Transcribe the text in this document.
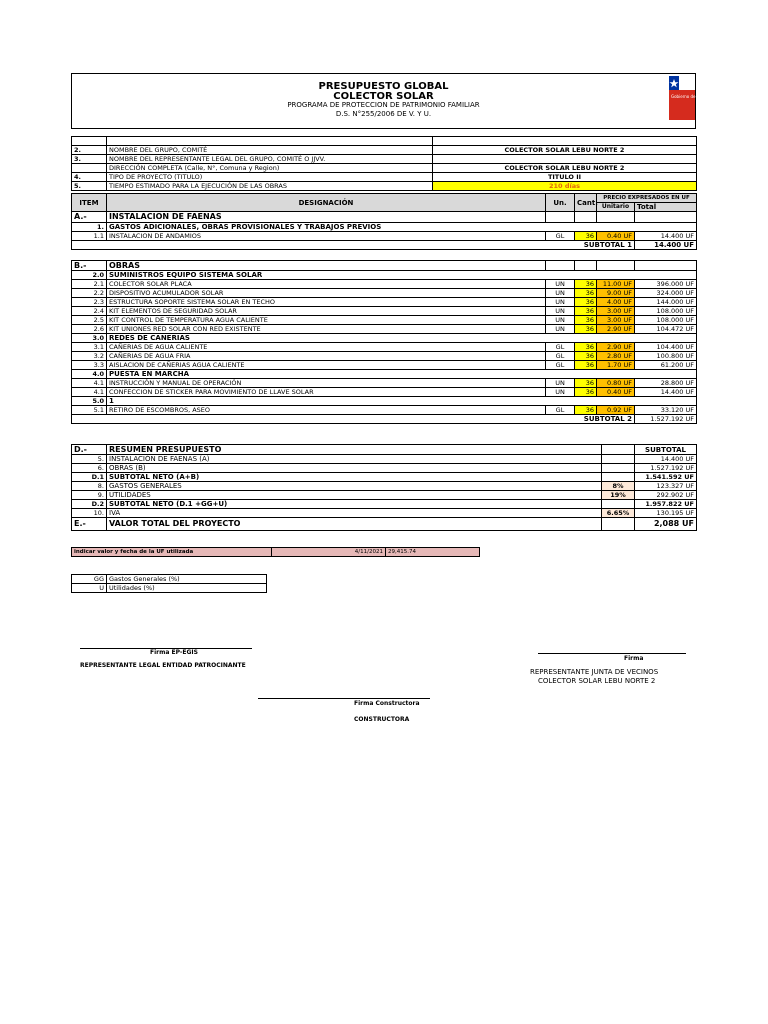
PRESUPUESTO GLOBAL
COLECTOR SOLAR
PROGRAMA DE PROTECCION DE PATRIMONIO FAMILIAR
D.S. N°255/2006 DE V. Y U.
Gobierno de Chile

2.	NOMBRE DEL GRUPO, COMITÉ	COLECTOR SOLAR LEBU NORTE 2
3.	NOMBRE DEL REPRESENTANTE LEGAL DEL GRUPO, COMITÉ O JJVV.	
	DIRECCIÓN COMPLETA (Calle, N°, Comuna y Region)	COLECTOR SOLAR LEBU NORTE 2
4.	TIPO DE PROYECTO (TITULO)	TITULO II
5.	TIEMPO ESTIMADO PARA LA EJECUCIÓN DE LAS OBRAS	210 días
ITEM	DESIGNACIÓN	Un.	Cant.	PRECIO EXPRESADOS EN UF	
				Unitario	Total
A.-	INSTALACION DE FAENAS				
1.	GASTOS ADICIONALES, OBRAS PROVISIONALES Y TRABAJOS PREVIOS				
1.1	INSTALACION DE ANDAMIOS	GL	36	0.40 UF	14.400 UF
SUBTOTAL 1					14.400 UF
B.-	OBRAS				
2.0	SUMINISTROS EQUIPO SISTEMA SOLAR				
2.1	COLECTOR SOLAR PLACA	UN	36	11.00 UF	396.000 UF
2.2	DISPOSITIVO ACUMULADOR SOLAR	UN	36	9.00 UF	324.000 UF
2.3	ESTRUCTURA SOPORTE SISTEMA SOLAR EN TECHO	UN	36	4.00 UF	144.000 UF
2.4	KIT ELEMENTOS DE SEGURIDAD SOLAR	UN	36	3.00 UF	108.000 UF
2.5	KIT CONTROL DE TEMPERATURA AGUA CALIENTE	UN	36	3.00 UF	108.000 UF
2.6	KIT UNIONES RED SOLAR CON RED EXISTENTE	UN	36	2.90 UF	104.472 UF
3.0	REDES DE CAÑERIAS				
3.1	CAÑERIAS DE AGUA CALIENTE	GL	36	2.90 UF	104.400 UF
3.2	CAÑERIAS DE AGUA FRIA	GL	36	2.80 UF	100.800 UF
3.3	AISLACION DE CAÑERIAS AGUA CALIENTE	GL	36	1.70 UF	61.200 UF
4.0	PUESTA EN MARCHA				
4.1	INSTRUCCIÓN Y MANUAL DE OPERACIÓN	UN	36	0.80 UF	28.800 UF
4.1	CONFECCION DE STICKER PARA MOVIMIENTO DE LLAVE SOLAR	UN	36	0.40 UF	14.400 UF
5.0	1				
5.1	RETIRO DE ESCOMBROS, ASEO	GL	36	0.92 UF	33.120 UF
SUBTOTAL 2					1.527.192 UF
D.-	RESUMEN PRESUPUESTO		SUBTOTAL
5.	INSTALACIÓN DE FAENAS (A)		14.400 UF
6.	OBRAS (B)		1.527.192 UF
D.1	SUBTOTAL NETO (A+B)		1.541.592 UF
8.	GASTOS GENERALES	8%	123.327 UF
9.	UTILIDADES	19%	292.902 UF
D.2	SUBTOTAL NETO (D.1 +GG+U)		1.957.822 UF
10.	IVA	6.65%	130.195 UF
E.-	VALOR TOTAL DEL PROYECTO		2,088 UF
indicar valor y fecha de la UF utilizada	4/11/2021	29,415.74
GG	Gastos Generales (%)
U	Utilidades (%)
Firma EP-EGIS
REPRESENTANTE LEGAL ENTIDAD PATROCINANTE
Firma
REPRESENTANTE JUNTA DE VECINOS
COLECTOR SOLAR LEBU NORTE 2
Firma Constructora
CONSTRUCTORA
